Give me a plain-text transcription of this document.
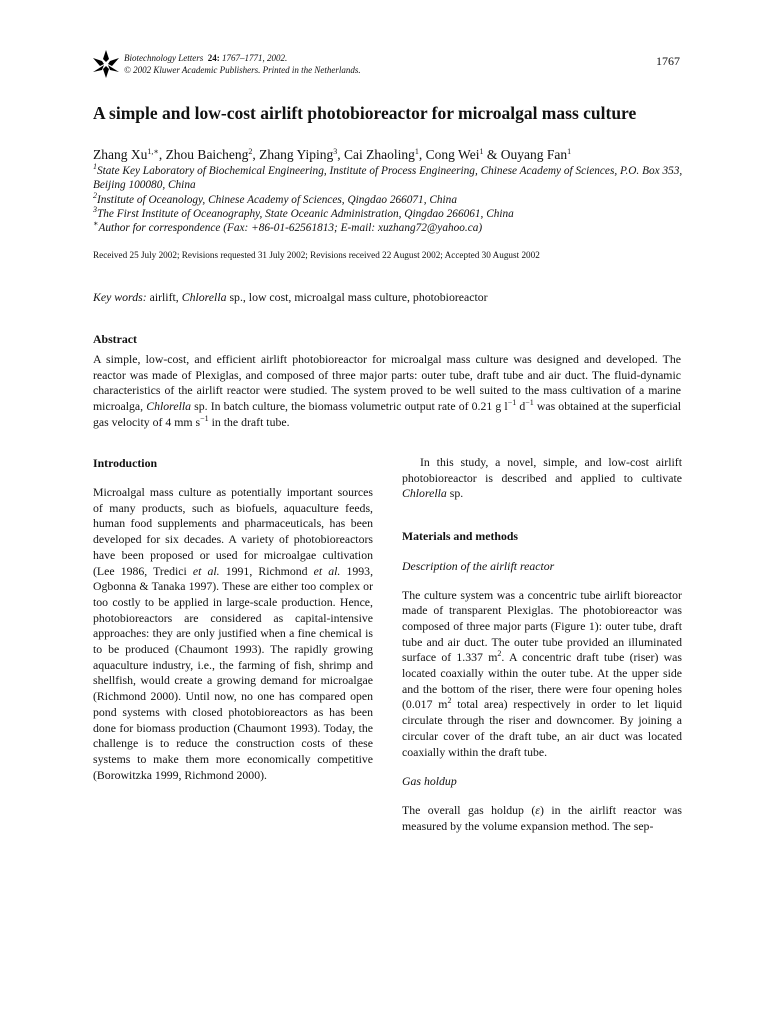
Biotechnology Letters 24: 1767–1771, 2002.
© 2002 Kluwer Academic Publishers. Printed in the Netherlands.
1767
A simple and low-cost airlift photobioreactor for microalgal mass culture
Zhang $Xu^{1,∗}$, Zhou Baicheng$^2$, Zhang Yiping$^3$, Cai Zhaoling$^1$, Cong Wei$^1$ & Ouyang Fan$^1$

$^1$State Key Laboratory of Biochemical Engineering, Institute of Process Engineering, Chinese Academy of Sciences, P.O. Box 353, Beijing 100080, China

$^2$Institute of Oceanology, Chinese Academy of Sciences, Qingdao 266071, China

$^3$The First Institute of Oceanography, State Oceanic Administration, Qingdao 266061, China

∗Author for correspondence (Fax: +86-01-62561813; E-mail: xuzhang72@yahoo.ca)

Received 25 July 2002; Revisions requested 31 July 2002; Revisions received 22 August 2002; Accepted 30 August 2002
Key words: airlift, Chlorella sp., low cost, microalgal mass culture, photobioreactor
Abstract
A simple, low-cost, and efficient airlift photobioreactor for microalgal mass culture was designed and developed. The reactor was made of Plexiglas, and composed of three major parts: outer tube, draft tube and air duct. The fluid-dynamic characteristics of the airlift reactor were studied. The system proved to be well suited to the mass cultivation of a marine microalga, Chlorella sp. In batch culture, the biomass volumetric output rate of 0.21 g $l^{-1}$ $d^{-1}$ was obtained at the superficial gas velocity of 4 mm $s^{-1}$ in the draft tube.
Introduction
Microalgal mass culture as potentially important sources of many products, such as biofuels, aquaculture feeds, human food supplements and pharmaceuticals, has been developed for six decades. A variety of photobioreactors have been proposed or used for microalgae cultivation (Lee 1986, Tredici et al. 1991, Richmond et al. 1993, Ogbonna & Tanaka 1997). These are either too complex or too costly to be applied in large-scale production. Hence, photobioreactors are considered as capital-intensive approaches: they are only justified when a fine chemical is to be produced (Chaumont 1993). The rapidly growing aquaculture industry, i.e., the farming of fish, shrimp and shellfish, would create a growing demand for microalgae (Richmond 2000). Until now, no one has compared open pond systems with closed photobioreactors as has been done for biomass production (Chaumont 1993). Today, the challenge is to reduce the construction costs of these systems to make them more economically competitive (Borowitzka 1999, Richmond 2000).

In this study, a novel, simple, and low-cost airlift photobioreactor is described and applied to cultivate Chlorella sp.

Materials and methods

Description of the airlift reactor

The culture system was a concentric tube airlift bioreactor made of transparent Plexiglas. The photobioreactor was composed of three major parts (Figure 1): outer tube, draft tube and air duct. The outer tube provided an illuminated surface of 1.337 $m^2$. A concentric draft tube (riser) was located coaxially within the outer tube. At the upper side and the bottom of the riser, there were four opening holes (0.017 $m^2$ total area) respectively in order to let liquid circulate through the riser and downcomer. By joining a circular cover of the draft tube, an air duct was located coaxially within the draft tube.

Gas holdup

The overall gas holdup (ε) in the airlift reactor was measured by the volume expansion method. The sep-
